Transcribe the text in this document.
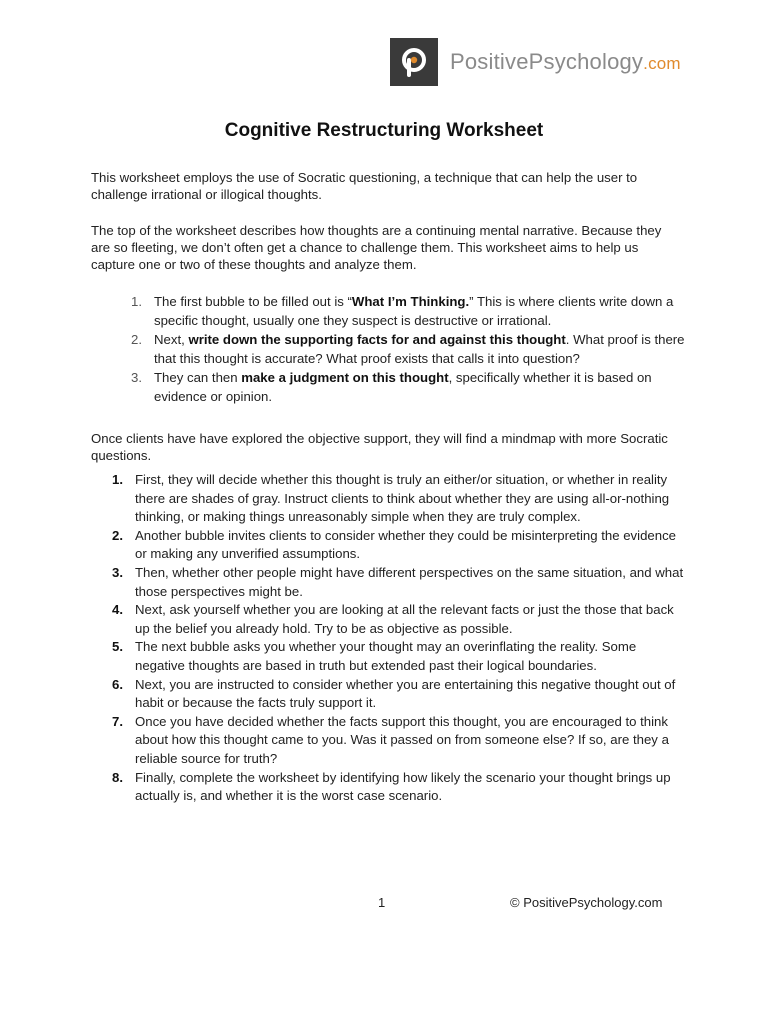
PositivePsychology.com
Cognitive Restructuring Worksheet
This worksheet employs the use of Socratic questioning, a technique that can help the user to challenge irrational or illogical thoughts.
The top of the worksheet describes how thoughts are a continuing mental narrative. Because they are so fleeting, we don’t often get a chance to challenge them. This worksheet aims to help us capture one or two of these thoughts and analyze them.
1. The first bubble to be filled out is “What I’m Thinking.” This is where clients write down a specific thought, usually one they suspect is destructive or irrational.
2. Next, write down the supporting facts for and against this thought. What proof is there that this thought is accurate? What proof exists that calls it into question?
3. They can then make a judgment on this thought, specifically whether it is based on evidence or opinion.
Once clients have have explored the objective support, they will find a mindmap with more Socratic questions.
1. First, they will decide whether this thought is truly an either/or situation, or whether in reality there are shades of gray. Instruct clients to think about whether they are using all-or-nothing thinking, or making things unreasonably simple when they are truly complex.
2. Another bubble invites clients to consider whether they could be misinterpreting the evidence or making any unverified assumptions.
3. Then, whether other people might have different perspectives on the same situation, and what those perspectives might be.
4. Next, ask yourself whether you are looking at all the relevant facts or just the those that back up the belief you already hold. Try to be as objective as possible.
5. The next bubble asks you whether your thought may an overinflating the reality. Some negative thoughts are based in truth but extended past their logical boundaries.
6. Next, you are instructed to consider whether you are entertaining this negative thought out of habit or because the facts truly support it.
7. Once you have decided whether the facts support this thought, you are encouraged to think about how this thought came to you. Was it passed on from someone else? If so, are they a reliable source for truth?
8. Finally, complete the worksheet by identifying how likely the scenario your thought brings up actually is, and whether it is the worst case scenario.
1	© PositivePsychology.com
